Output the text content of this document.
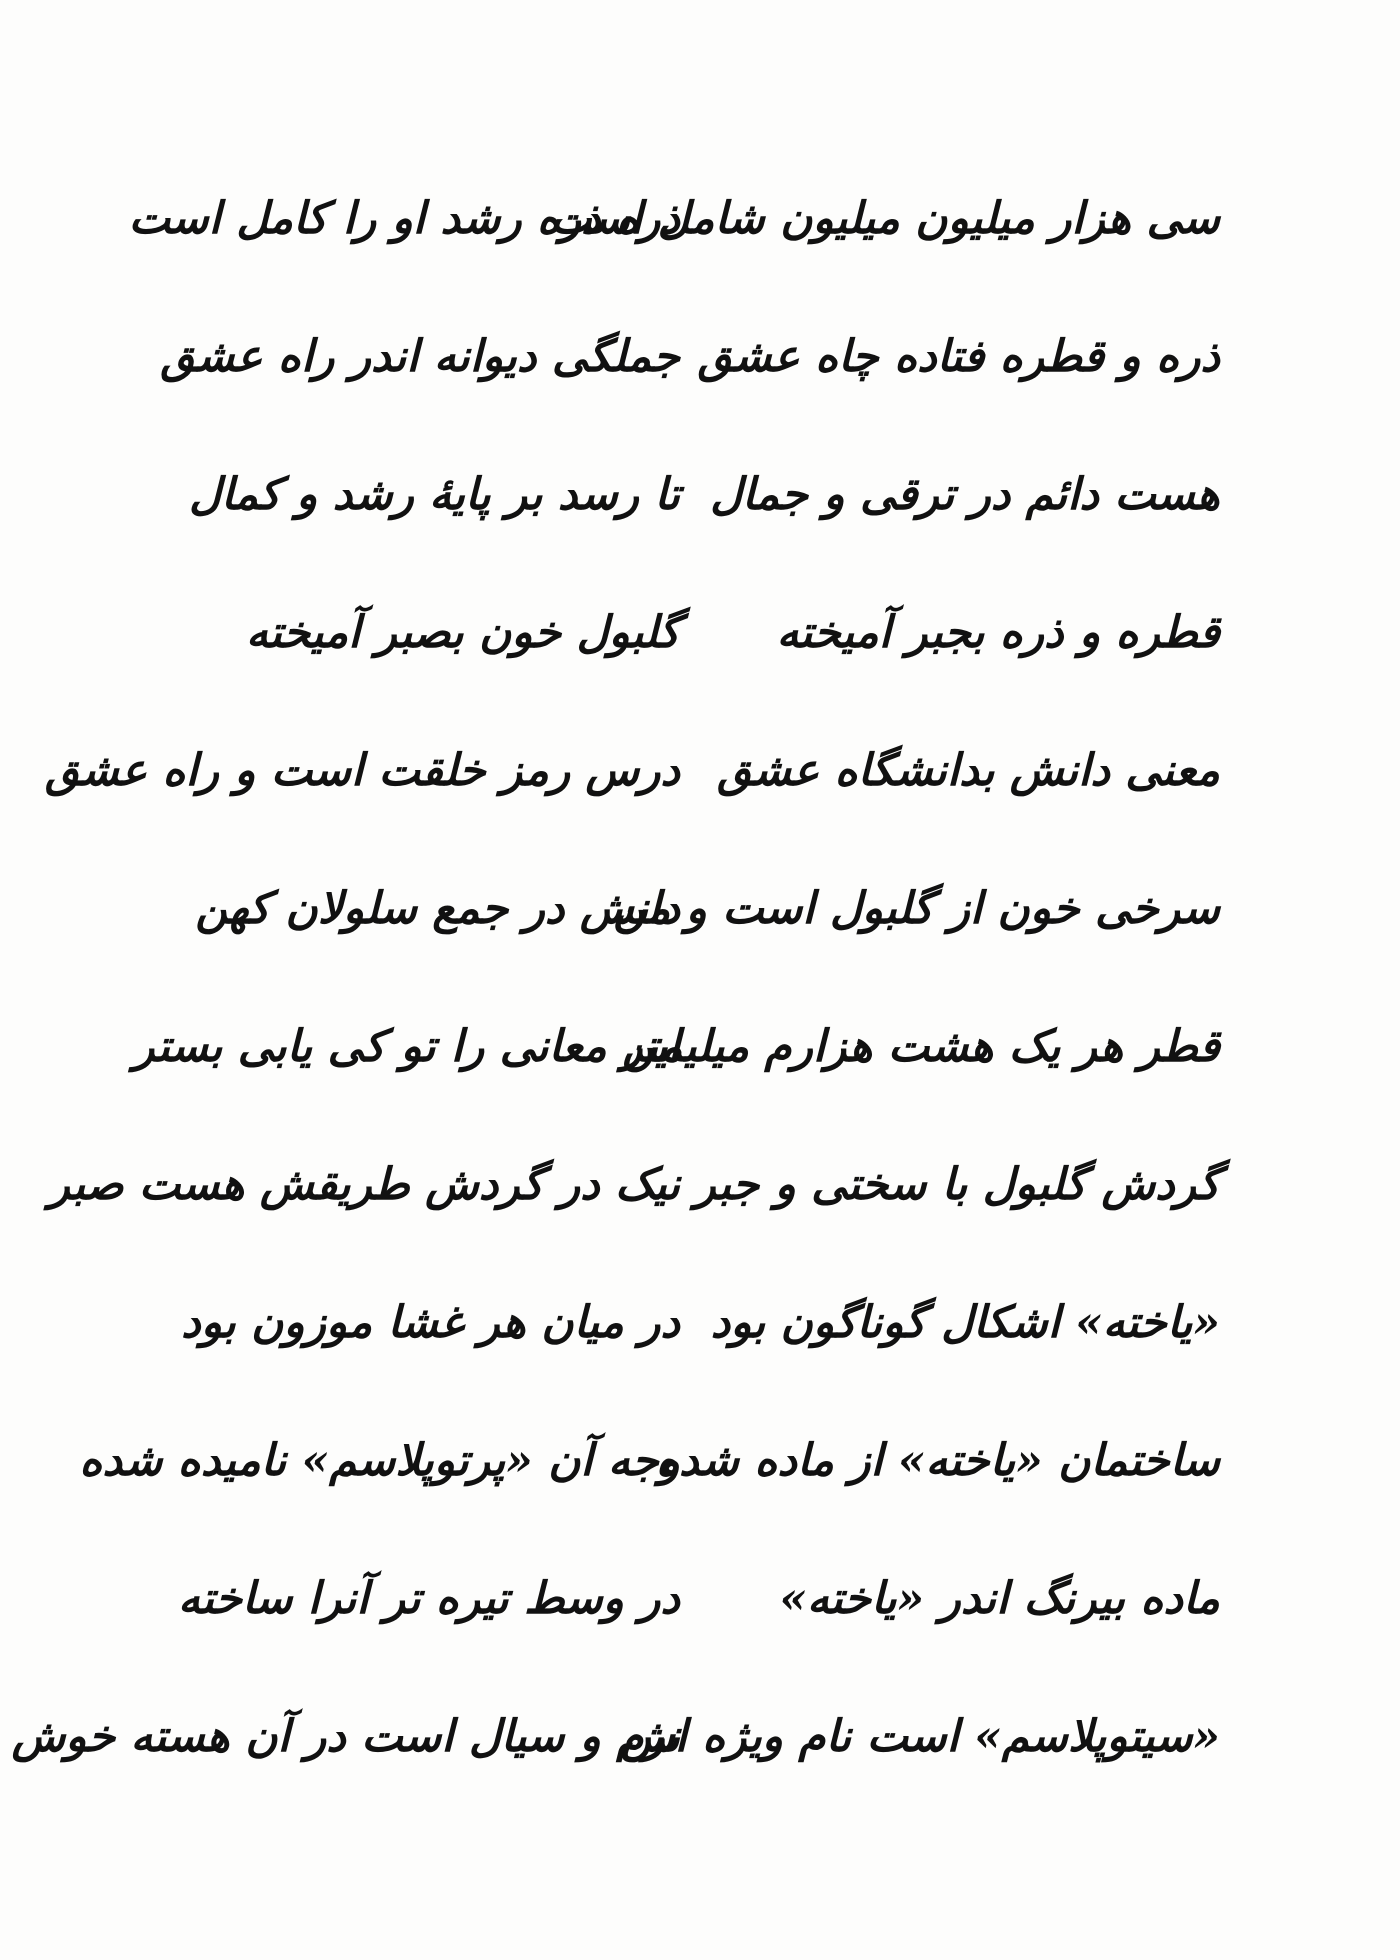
سی هزار میلیون میلیون شامل است
ذره ذره رشد او را کامل است
ذره و قطره فتاده چاه عشق
جملگی دیوانه اندر راه عشق
هست دائم در ترقی و جمال
تا رسد بر پایهٔ رشد و کمال
قطره و ذره بجبر آمیخته
گلبول خون بصبر آمیخته
معنی دانش بدانشگاه عشق
درس رمز خلقت است و راه عشق
سرخی خون از گلبول است و من
دانش در جمع سلولان کهن
قطر هر یک هشت هزارم میلیمتر
این معانی را تو کی یابی بستر
گردش گلبول با سختی و جبر
نیک در گردش طریقش هست صبر
«یاخته» اشکال گوناگون بود
در میان هر غشا موزون بود
ساختمان «یاخته» از ماده شده
وجه آن «پرتوپلاسم» نامیده شده
ماده بیرنگ اندر «یاخته»
در وسط تیره تر آنرا ساخته
«سیتوپلاسم» است نام ویژه اش
نرم و سیال است در آن هسته خوش
